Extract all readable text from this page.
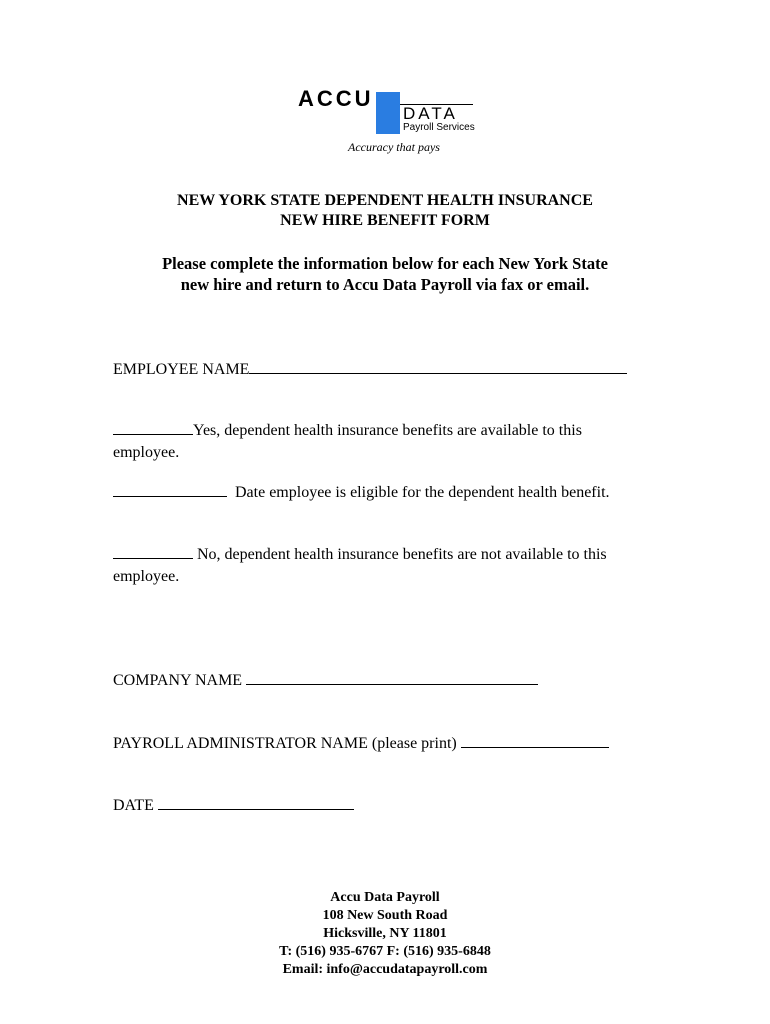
ACCU
DATA
Payroll Services
Accuracy that pays
NEW YORK STATE DEPENDENT HEALTH INSURANCE
NEW HIRE BENEFIT FORM
Please complete the information below for each New York State
new hire and return to Accu Data Payroll via fax or email.
EMPLOYEE NAME
Yes, dependent health insurance benefits are available to this
employee.
Date employee is eligible for the dependent health benefit.
No, dependent health insurance benefits are not available to this
employee.
COMPANY NAME
PAYROLL ADMINISTRATOR NAME (please print)
DATE
Accu Data Payroll
108 New South Road
Hicksville, NY 11801
T: (516) 935-6767 F: (516) 935-6848
Email: info@accudatapayroll.com
